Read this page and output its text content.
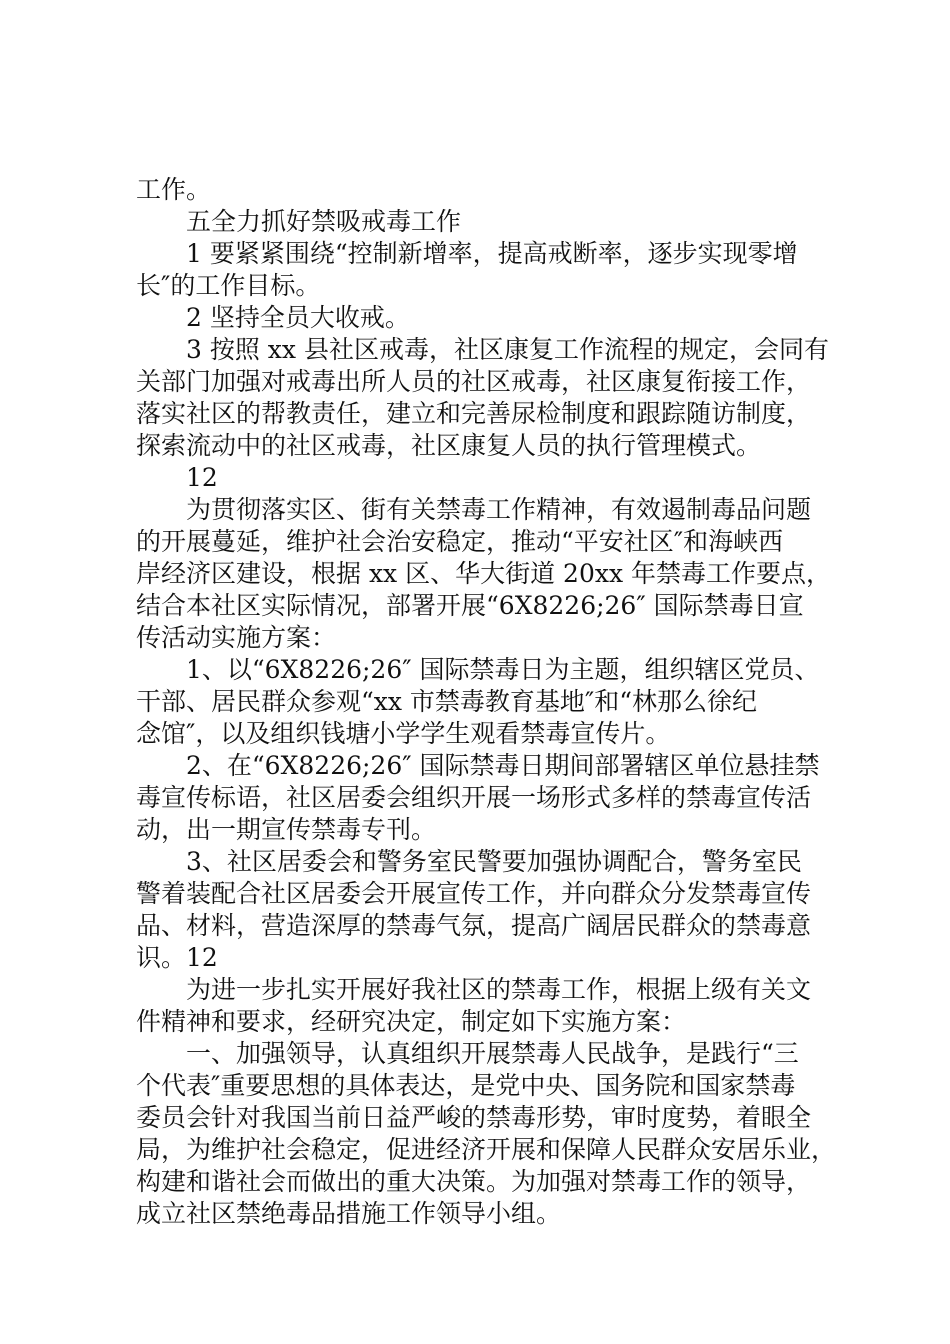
工作。
五全力抓好禁吸戒毒工作
1 要紧紧围绕“控制新增率，提高戒断率，逐步实现零增
长″的工作目标。
2 坚持全员大收戒。
3 按照 xx 县社区戒毒，社区康复工作流程的规定，会同有
关部门加强对戒毒出所人员的社区戒毒，社区康复衔接工作，
落实社区的帮教责任，建立和完善尿检制度和跟踪随访制度，
探索流动中的社区戒毒，社区康复人员的执行管理模式。
12
为贯彻落实区、街有关禁毒工作精神，有效遏制毒品问题
的开展蔓延，维护社会治安稳定，推动“平安社区″和海峡西
岸经济区建设，根据 xx 区、华大街道 20xx 年禁毒工作要点，
结合本社区实际情况，部署开展“6X8226;26″ 国际禁毒日宣
传活动实施方案：
1、以“6X8226;26″ 国际禁毒日为主题，组织辖区党员、
干部、居民群众参观“xx 市禁毒教育基地″和“林那么徐纪
念馆″，以及组织钱塘小学学生观看禁毒宣传片。
2、在“6X8226;26″ 国际禁毒日期间部署辖区单位悬挂禁
毒宣传标语，社区居委会组织开展一场形式多样的禁毒宣传活
动，出一期宣传禁毒专刊。
3、社区居委会和警务室民警要加强协调配合，警务室民
警着装配合社区居委会开展宣传工作，并向群众分发禁毒宣传
品、材料，营造深厚的禁毒气氛，提高广阔居民群众的禁毒意
识。12
为进一步扎实开展好我社区的禁毒工作，根据上级有关文
件精神和要求，经研究决定，制定如下实施方案：
一、加强领导，认真组织开展禁毒人民战争，是践行“三
个代表″重要思想的具体表达，是党中央、国务院和国家禁毒
委员会针对我国当前日益严峻的禁毒形势，审时度势，着眼全
局，为维护社会稳定，促进经济开展和保障人民群众安居乐业，
构建和谐社会而做出的重大决策。为加强对禁毒工作的领导，
成立社区禁绝毒品措施工作领导小组。
